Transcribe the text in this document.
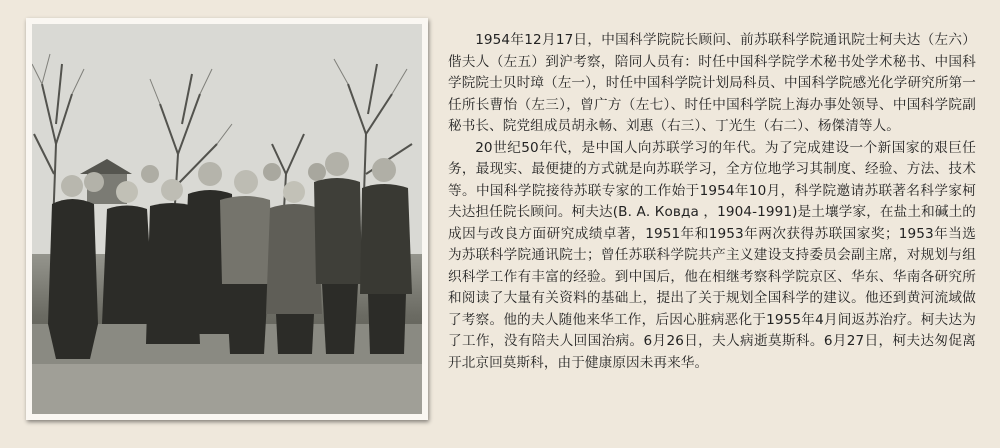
1954年12月17日，中国科学院院长顾问、前苏联科学院通讯院士柯夫达（左六）偕夫人（左五）到沪考察，陪同人员有：时任中国科学院学术秘书处学术秘书、中国科学院院士贝时璋（左一），时任中国科学院计划局科员、中国科学院感光化学研究所第一任所长曹怡（左三），曾广方（左七）、时任中国科学院上海办事处领导、中国科学院副秘书长、院党组成员胡永畅、刘惠（右三）、丁光生（右二）、杨傑清等人。

20世纪50年代，是中国人向苏联学习的年代。为了完成建设一个新国家的艰巨任务，最现实、最便捷的方式就是向苏联学习，全方位地学习其制度、经验、方法、技术等。中国科学院接待苏联专家的工作始于1954年10月，科学院邀请苏联著名科学家柯夫达担任院长顾问。柯夫达(В. А. Ковда ，1904-1991)是土壤学家，在盐土和碱土的成因与改良方面研究成绩卓著，1951年和1953年两次获得苏联国家奖；1953年当选为苏联科学院通讯院士；曾任苏联科学院共产主义建设支持委员会副主席，对规划与组织科学工作有丰富的经验。到中国后，他在相继考察科学院京区、华东、华南各研究所和阅读了大量有关资料的基础上，提出了关于规划全国科学的建议。他还到黄河流域做了考察。他的夫人随他来华工作，后因心脏病恶化于1955年4月间返苏治疗。柯夫达为了工作，没有陪夫人回国治病。6月26日，夫人病逝莫斯科。6月27日，柯夫达匆促离开北京回莫斯科，由于健康原因未再来华。
